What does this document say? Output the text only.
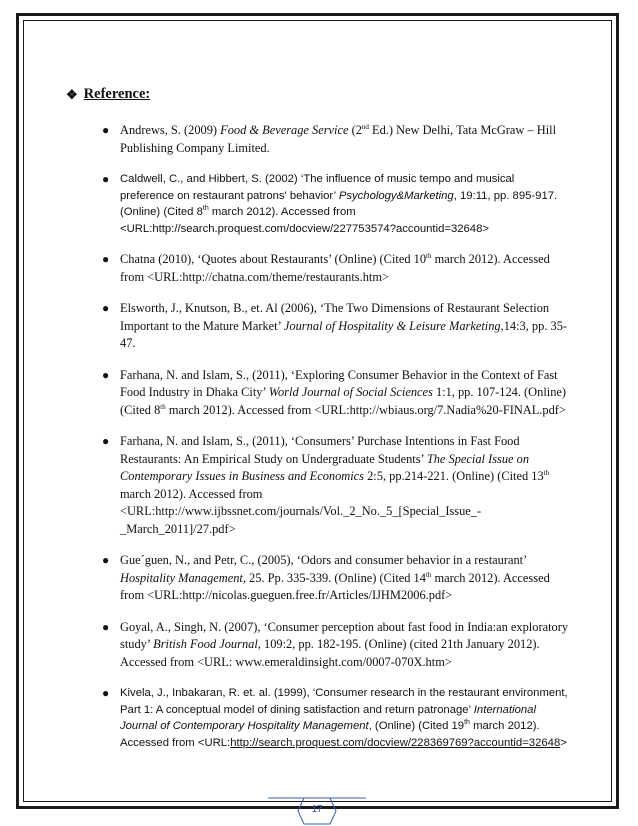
❖ Reference:
● Andrews, S. (2009) Food & Beverage Service (2nd Ed.) New Delhi, Tata McGraw – Hill Publishing Company Limited.
● Caldwell, C., and Hibbert, S. (2002) ‘The influence of music tempo and musical preference on restaurant patrons' behavior’ Psychology&Marketing, 19:11, pp. 895-917. (Online) (Cited 8th march 2012). Accessed from <URL:http://search.proquest.com/docview/227753574?accountid=32648>
● Chatna (2010), ‘Quotes about Restaurants’ (Online) (Cited 10th march 2012). Accessed from <URL:http://chatna.com/theme/restaurants.htm>
● Elsworth, J., Knutson, B., et. Al (2006), ‘The Two Dimensions of Restaurant Selection Important to the Mature Market’ Journal of Hospitality & Leisure Marketing,14:3, pp. 35-47.
● Farhana, N. and Islam, S., (2011), ‘Exploring Consumer Behavior in the Context of Fast Food Industry in Dhaka City’ World Journal of Social Sciences 1:1, pp. 107-124. (Online) (Cited 8th march 2012). Accessed from <URL:http://wbiaus.org/7.Nadia%20-FINAL.pdf>
● Farhana, N. and Islam, S., (2011), ‘Consumers’ Purchase Intentions in Fast Food Restaurants: An Empirical Study on Undergraduate Students’ The Special Issue on Contemporary Issues in Business and Economics 2:5, pp.214-221. (Online) (Cited 13th march 2012). Accessed from <URL:http://www.ijbssnet.com/journals/Vol._2_No._5_[Special_Issue_-_March_2011]/27.pdf>
● Gue´guen, N., and Petr, C., (2005), ‘Odors and consumer behavior in a restaurant’ Hospitality Management, 25. Pp. 335-339. (Online) (Cited 14th march 2012). Accessed from <URL:http://nicolas.gueguen.free.fr/Articles/IJHM2006.pdf>
● Goyal, A., Singh, N. (2007), ‘Consumer perception about fast food in India:an exploratory study’ British Food Journal, 109:2, pp. 182-195. (Online) (cited 21th January 2012). Accessed from <URL: www.emeraldinsight.com/0007-070X.htm>
● Kivela, J., Inbakaran, R. et. al. (1999), ‘Consumer research in the restaurant environment, Part 1: A conceptual model of dining satisfaction and return patronage’ International Journal of Contemporary Hospitality Management, (Online) (Cited 19th march 2012). Accessed from <URL:http://search.proquest.com/docview/228369769?accountid=32648>
17
